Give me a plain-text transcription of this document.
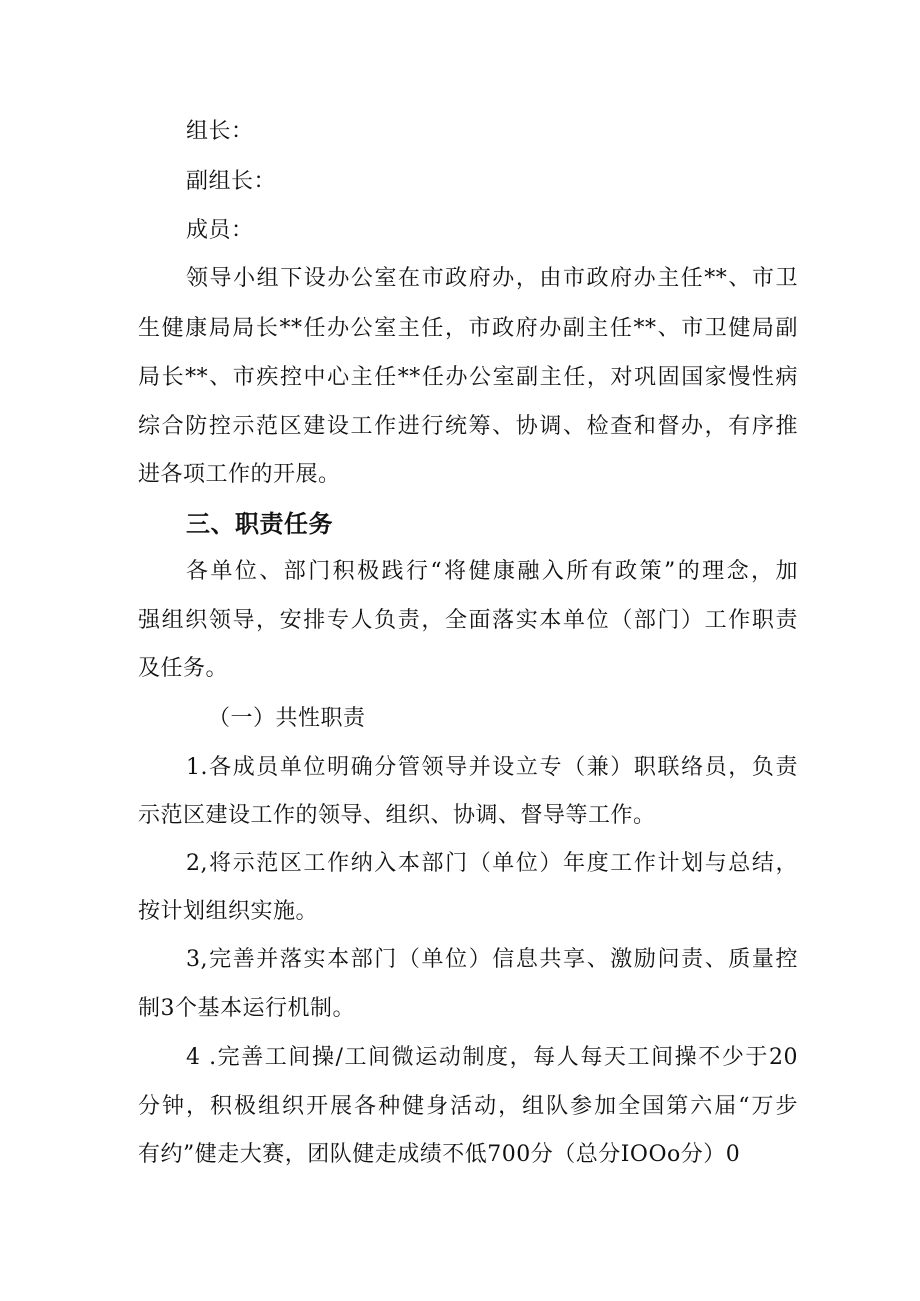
组长：
副组长：
成员：
领导小组下设办公室在市政府办，由市政府办主任**、市卫
生健康局局长**任办公室主任，市政府办副主任**、市卫健局副
局长**、市疾控中心主任**任办公室副主任，对巩固国家慢性病
综合防控示范区建设工作进行统筹、协调、检查和督办，有序推
进各项工作的开展。
三、职责任务
各单位、部门积极践行“将健康融入所有政策”的理念，加
强组织领导，安排专人负责，全面落实本单位（部门）工作职责
及任务。
（一）共性职责
1.各成员单位明确分管领导并设立专（兼）职联络员，负责
示范区建设工作的领导、组织、协调、督导等工作。
2,将示范区工作纳入本部门（单位）年度工作计划与总结，
按计划组织实施。
3,完善并落实本部门（单位）信息共享、激励问责、质量控
制3个基本运行机制。
4 .完善工间操/工间微运动制度，每人每天工间操不少于20
分钟，积极组织开展各种健身活动，组队参加全国第六届“万步
有约”健走大赛，团队健走成绩不低700分（总分IOOo分）0
